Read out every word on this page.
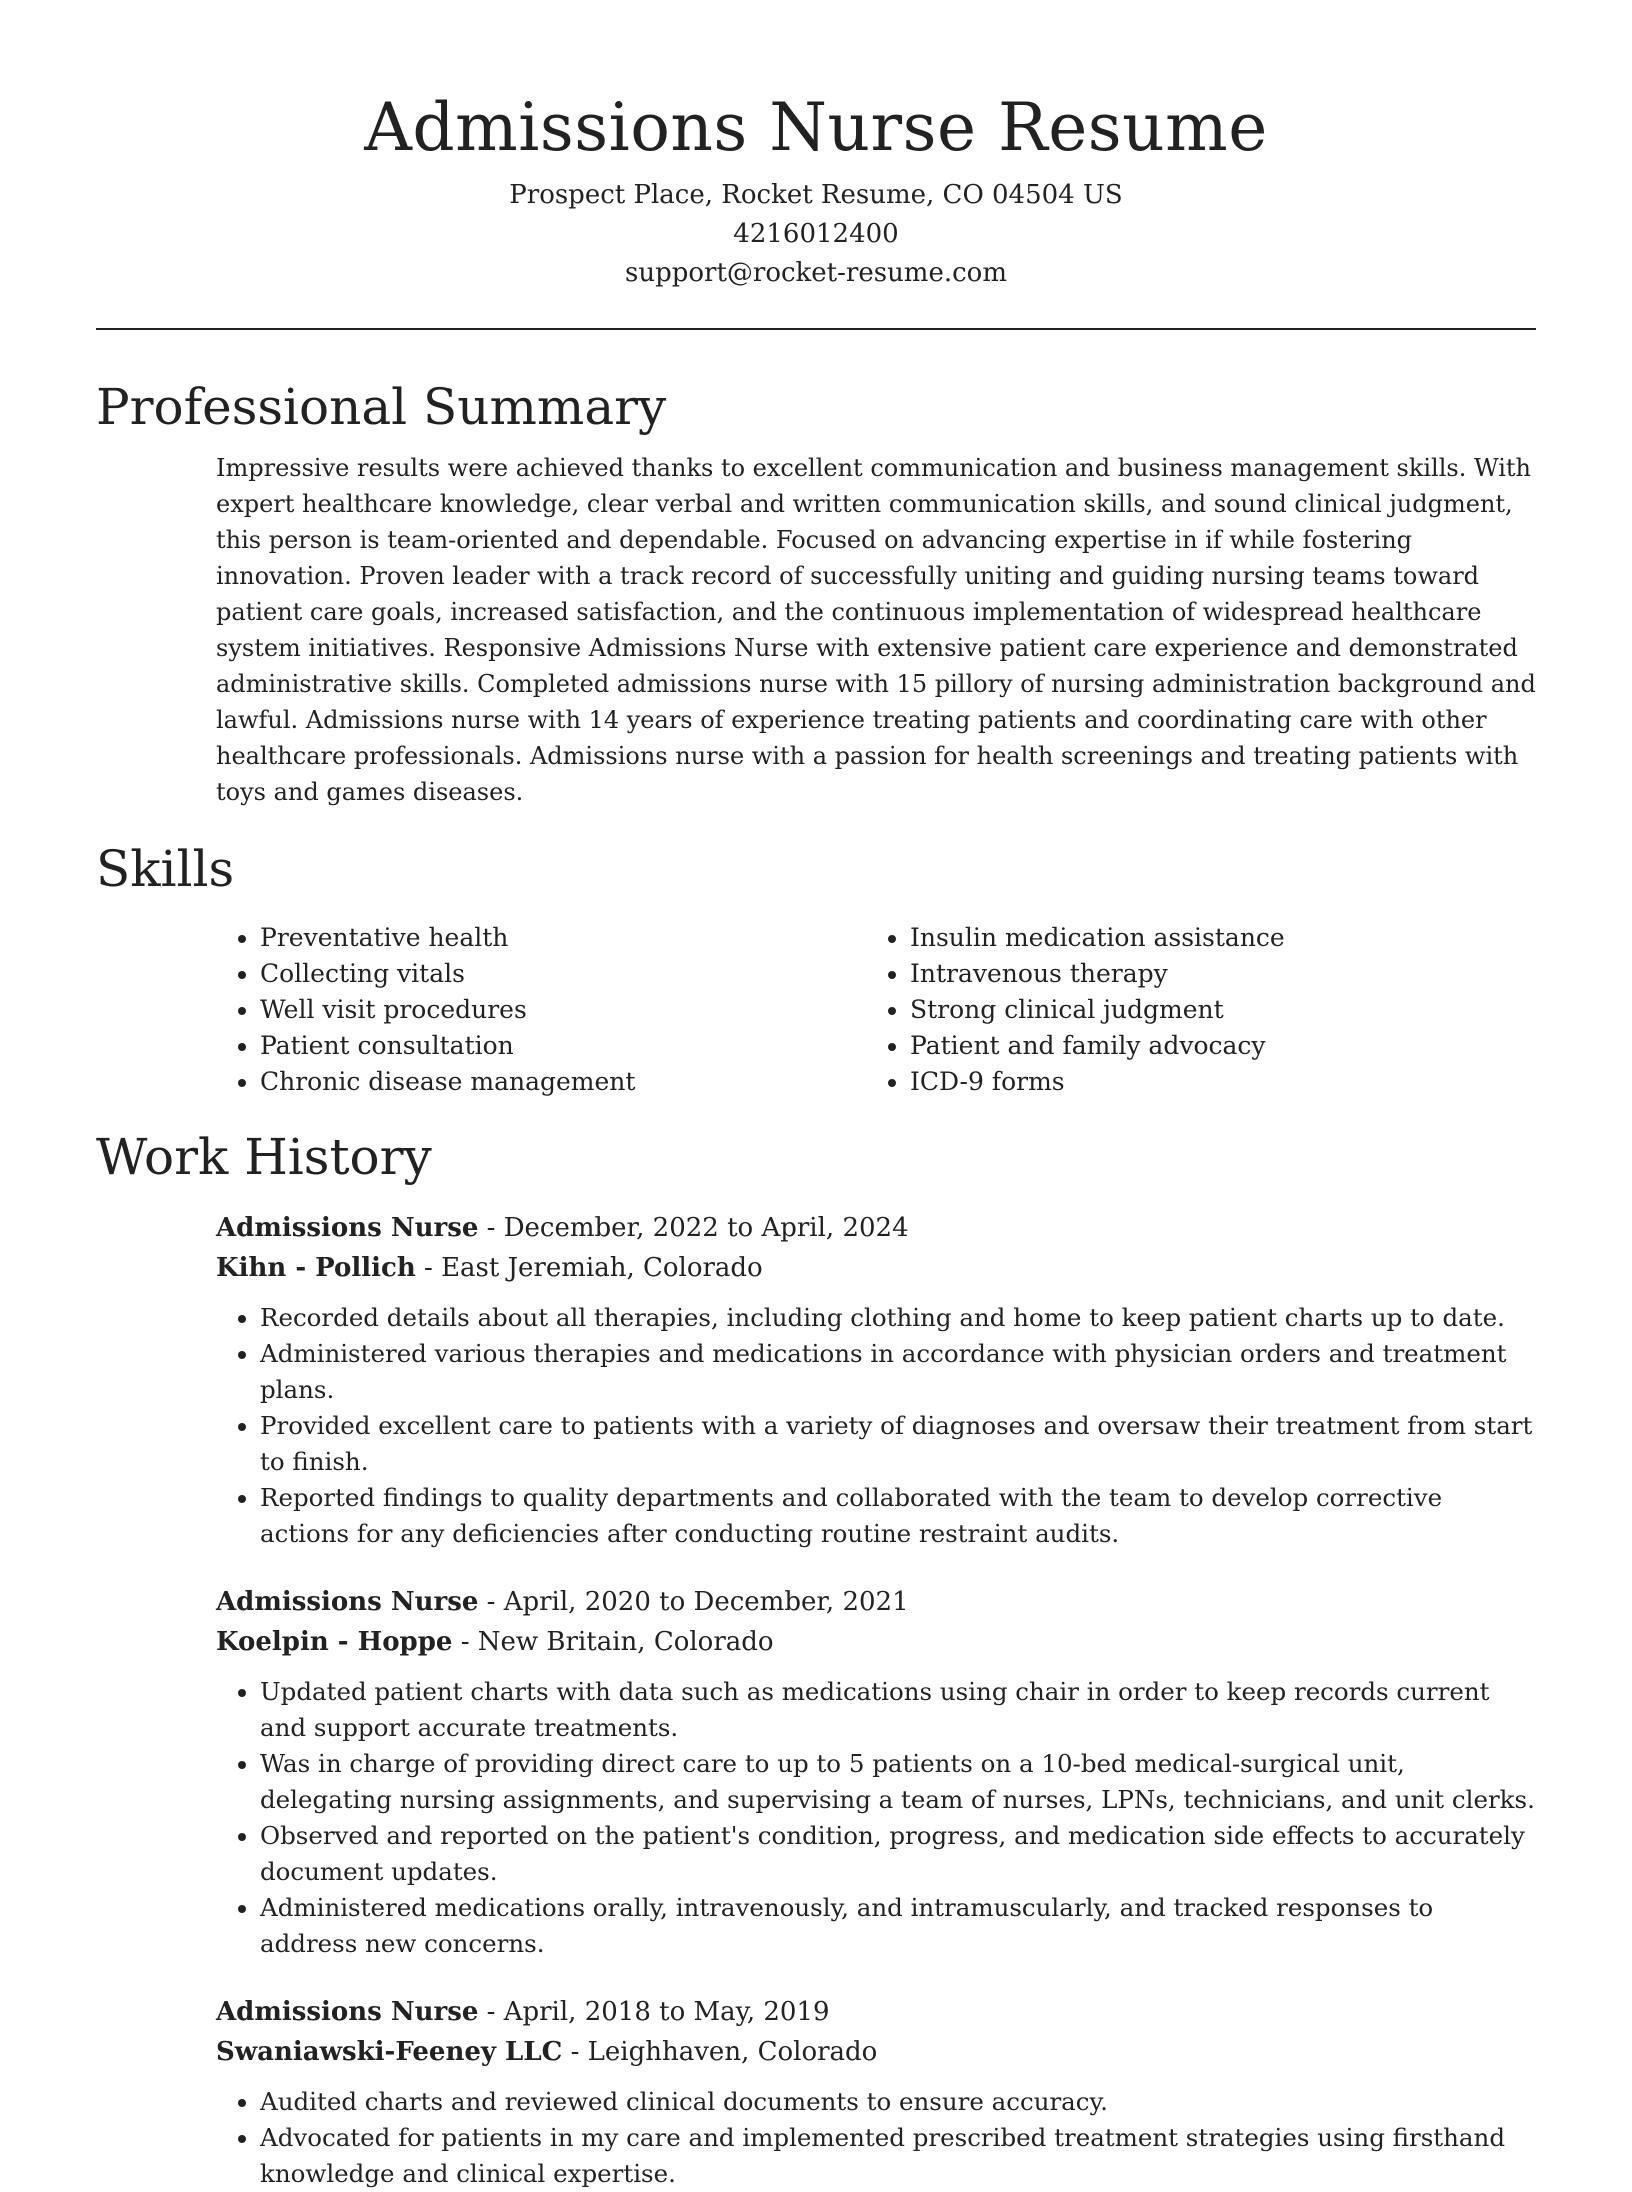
Admissions Nurse Resume
Prospect Place, Rocket Resume, CO 04504 US
4216012400
support@rocket-resume.com
Professional Summary

Impressive results were achieved thanks to excellent communication and business management skills. With expert healthcare knowledge, clear verbal and written communication skills, and sound clinical judgment, this person is team-oriented and dependable. Focused on advancing expertise in if while fostering innovation. Proven leader with a track record of successfully uniting and guiding nursing teams toward patient care goals, increased satisfaction, and the continuous implementation of widespread healthcare system initiatives. Responsive Admissions Nurse with extensive patient care experience and demonstrated administrative skills. Completed admissions nurse with 15 pillory of nursing administration background and lawful. Admissions nurse with 14 years of experience treating patients and coordinating care with other healthcare professionals. Admissions nurse with a passion for health screenings and treating patients with toys and games diseases.

Skills
• Preventative health
• Collecting vitals
• Well visit procedures
• Patient consultation
• Chronic disease management
• Insulin medication assistance
• Intravenous therapy
• Strong clinical judgment
• Patient and family advocacy
• ICD-9 forms
Work History
Admissions Nurse - December, 2022 to April, 2024
Kihn - Pollich - East Jeremiah, Colorado
• Recorded details about all therapies, including clothing and home to keep patient charts up to date.
• Administered various therapies and medications in accordance with physician orders and treatment plans.
• Provided excellent care to patients with a variety of diagnoses and oversaw their treatment from start to finish.
• Reported findings to quality departments and collaborated with the team to develop corrective actions for any deficiencies after conducting routine restraint audits.
Admissions Nurse - April, 2020 to December, 2021
Koelpin - Hoppe - New Britain, Colorado
• Updated patient charts with data such as medications using chair in order to keep records current and support accurate treatments.
• Was in charge of providing direct care to up to 5 patients on a 10-bed medical-surgical unit, delegating nursing assignments, and supervising a team of nurses, LPNs, technicians, and unit clerks.
• Observed and reported on the patient's condition, progress, and medication side effects to accurately document updates.
• Administered medications orally, intravenously, and intramuscularly, and tracked responses to address new concerns.
Admissions Nurse - April, 2018 to May, 2019
Swaniawski-Feeney LLC - Leighhaven, Colorado
• Audited charts and reviewed clinical documents to ensure accuracy.
• Advocated for patients in my care and implemented prescribed treatment strategies using firsthand knowledge and clinical expertise.
